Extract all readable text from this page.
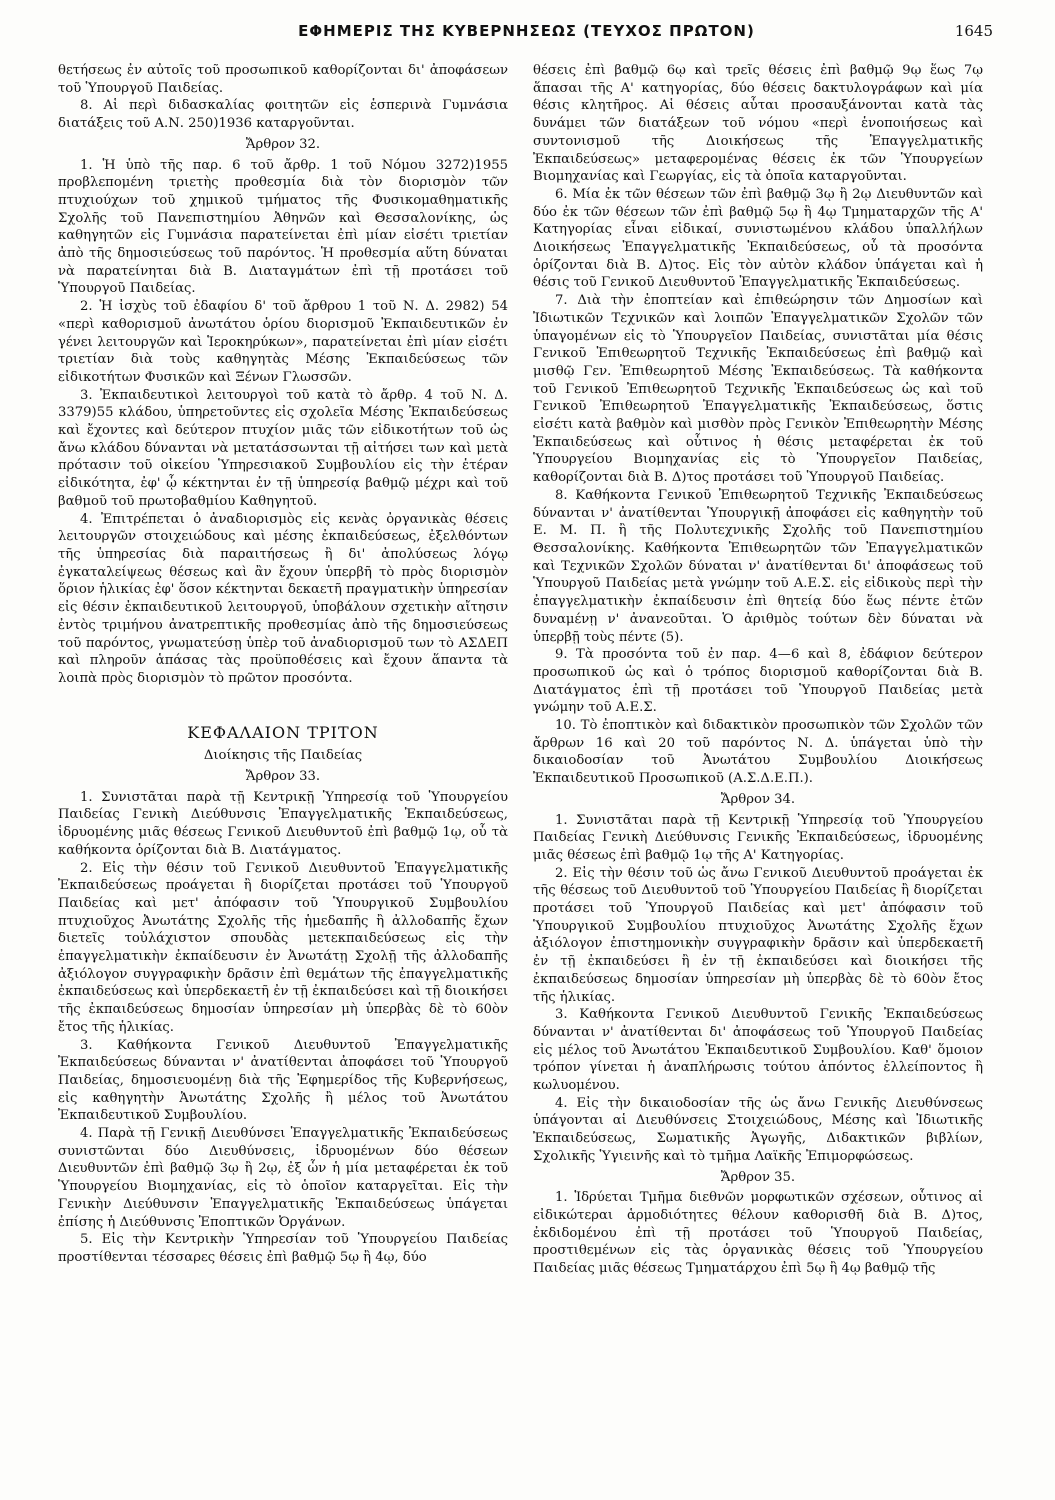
ΕΦΗΜΕΡΙΣ ΤΗΣ ΚΥΒΕΡΝΗΣΕΩΣ (ΤΕΥΧΟΣ ΠΡΩΤΟΝ)	1645

θετήσεως ἐν αὐτοῖς τοῦ προσωπικοῦ καθορίζονται δι' ἀποφάσεων τοῦ Ὑπουργοῦ Παιδείας.

8. Αἱ περὶ διδασκαλίας φοιτητῶν εἰς ἑσπερινὰ Γυμνάσια διατάξεις τοῦ Α.Ν. 250)1936 καταργοῦνται.

Ἄρθρον 32.

1. Ἡ ὑπὸ τῆς παρ. 6 τοῦ ἄρθρ. 1 τοῦ Νόμου 3272)1955 προβλεπομένη τριετὴς προθεσμία διὰ τὸν διορισμὸν τῶν πτυχιούχων τοῦ χημικοῦ τμήματος τῆς Φυσικομαθηματικῆς Σχολῆς τοῦ Πανεπιστημίου Ἀθηνῶν καὶ Θεσσαλονίκης, ὡς καθηγητῶν εἰς Γυμνάσια παρατείνεται ἐπὶ μίαν εἰσέτι τριετίαν ἀπὸ τῆς δημοσιεύσεως τοῦ παρόντος. Ἡ προθεσμία αὕτη δύναται νὰ παρατείνηται διὰ Β. Διαταγμάτων ἐπὶ τῇ προτάσει τοῦ Ὑπουργοῦ Παιδείας.

2. Ἡ ἰσχὺς τοῦ ἐδαφίου δ' τοῦ ἄρθρου 1 τοῦ Ν. Δ. 2982) 54 «περὶ καθορισμοῦ ἀνωτάτου ὁρίου διορισμοῦ Ἐκπαιδευτικῶν ἐν γένει λειτουργῶν καὶ Ἱεροκηρύκων», παρατείνεται ἐπὶ μίαν εἰσέτι τριετίαν διὰ τοὺς καθηγητὰς Μέσης Ἐκπαιδεύσεως τῶν εἰδικοτήτων Φυσικῶν καὶ Ξένων Γλωσσῶν.

3. Ἐκπαιδευτικοὶ λειτουργοὶ τοῦ κατὰ τὸ ἄρθρ. 4 τοῦ Ν. Δ. 3379)55 κλάδου, ὑπηρετοῦντες εἰς σχολεῖα Μέσης Ἐκπαιδεύσεως καὶ ἔχοντες καὶ δεύτερον πτυχίον μιᾶς τῶν εἰδικοτήτων τοῦ ὡς ἄνω κλάδου δύνανται νὰ μετατάσσωνται τῇ αἰτήσει των καὶ μετὰ πρότασιν τοῦ οἰκείου Ὑπηρεσιακοῦ Συμβουλίου εἰς τὴν ἑτέραν εἰδικότητα, ἐφ' ᾧ κέκτηνται ἐν τῇ ὑπηρεσίᾳ βαθμῷ μέχρι καὶ τοῦ βαθμοῦ τοῦ πρωτοβαθμίου Καθηγητοῦ.

4. Ἐπιτρέπεται ὁ ἀναδιορισμὸς εἰς κενὰς ὀργανικὰς θέσεις λειτουργῶν στοιχειώδους καὶ μέσης ἐκπαιδεύσεως, ἐξελθόντων τῆς ὑπηρεσίας διὰ παραιτήσεως ἢ δι' ἀπολύσεως λόγῳ ἐγκαταλείψεως θέσεως καὶ ἂν ἔχουν ὑπερβῆ τὸ πρὸς διορισμὸν ὅριον ἡλικίας ἐφ' ὅσον κέκτηνται δεκαετῆ πραγματικὴν ὑπηρεσίαν εἰς θέσιν ἐκπαιδευτικοῦ λειτουργοῦ, ὑποβάλουν σχετικὴν αἴτησιν ἐντὸς τριμήνου ἀνατρεπτικῆς προθεσμίας ἀπὸ τῆς δημοσιεύσεως τοῦ παρόντος, γνωματεύσῃ ὑπὲρ τοῦ ἀναδιορισμοῦ των τὸ ΑΣΔΕΠ καὶ πληροῦν ἁπάσας τὰς προϋποθέσεις καὶ ἔχουν ἅπαντα τὰ λοιπὰ πρὸς διορισμὸν τὸ πρῶτον προσόντα.

ΚΕΦΑΛΑΙΟΝ ΤΡΙΤΟΝ

Διοίκησις τῆς Παιδείας

Ἄρθρον 33.

1. Συνιστᾶται παρὰ τῇ Κεντρικῇ Ὑπηρεσίᾳ τοῦ Ὑπουργείου Παιδείας Γενικὴ Διεύθυνσις Ἐπαγγελματικῆς Ἐκπαιδεύσεως, ἱδρυομένης μιᾶς θέσεως Γενικοῦ Διευθυντοῦ ἐπὶ βαθμῷ 1ῳ, οὗ τὰ καθήκοντα ὁρίζονται διὰ Β. Διατάγματος.

2. Εἰς τὴν θέσιν τοῦ Γενικοῦ Διευθυντοῦ Ἐπαγγελματικῆς Ἐκπαιδεύσεως προάγεται ἢ διορίζεται προτάσει τοῦ Ὑπουργοῦ Παιδείας καὶ μετ' ἀπόφασιν τοῦ Ὑπουργικοῦ Συμβουλίου πτυχιοῦχος Ἀνωτάτης Σχολῆς τῆς ἡμεδαπῆς ἢ ἀλλοδαπῆς ἔχων διετεῖς τοὐλάχιστον σπουδὰς μετεκπαιδεύσεως εἰς τὴν ἐπαγγελματικὴν ἐκπαίδευσιν ἐν Ἀνωτάτῃ Σχολῇ τῆς ἀλλοδαπῆς ἀξιόλογον συγγραφικὴν δρᾶσιν ἐπὶ θεμάτων τῆς ἐπαγγελματικῆς ἐκπαιδεύσεως καὶ ὑπερδεκαετῆ ἐν τῇ ἐκπαιδεύσει καὶ τῇ διοικήσει τῆς ἐκπαιδεύσεως δημοσίαν ὑπηρεσίαν μὴ ὑπερβὰς δὲ τὸ 60ὸν ἔτος τῆς ἡλικίας.

3. Καθήκοντα Γενικοῦ Διευθυντοῦ Ἐπαγγελματικῆς Ἐκπαιδεύσεως δύνανται ν' ἀνατίθενται ἀποφάσει τοῦ Ὑπουργοῦ Παιδείας, δημοσιευομένῃ διὰ τῆς Ἐφημερίδος τῆς Κυβερνήσεως, εἰς καθηγητὴν Ἀνωτάτης Σχολῆς ἢ μέλος τοῦ Ἀνωτάτου Ἐκπαιδευτικοῦ Συμβουλίου.

4. Παρὰ τῇ Γενικῇ Διευθύνσει Ἐπαγγελματικῆς Ἐκπαιδεύσεως συνιστῶνται δύο Διευθύνσεις, ἱδρυομένων δύο θέσεων Διευθυντῶν ἐπὶ βαθμῷ 3ῳ ἢ 2ῳ, ἐξ ὧν ἡ μία μεταφέρεται ἐκ τοῦ Ὑπουργείου Βιομηχανίας, εἰς τὸ ὁποῖον καταργεῖται. Εἰς τὴν Γενικὴν Διεύθυνσιν Ἐπαγγελματικῆς Ἐκπαιδεύσεως ὑπάγεται ἐπίσης ἡ Διεύθυνσις Ἐποπτικῶν Ὀργάνων.

5. Εἰς τὴν Κεντρικὴν Ὑπηρεσίαν τοῦ Ὑπουργείου Παιδείας προστίθενται τέσσαρες θέσεις ἐπὶ βαθμῷ 5ῳ ἢ 4ῳ, δύο

θέσεις ἐπὶ βαθμῷ 6ῳ καὶ τρεῖς θέσεις ἐπὶ βαθμῷ 9ῳ ἕως 7ῳ ἅπασαι τῆς Α' κατηγορίας, δύο θέσεις δακτυλογράφων καὶ μία θέσις κλητῆρος. Αἱ θέσεις αὗται προσαυξάνονται κατὰ τὰς δυνάμει τῶν διατάξεων τοῦ νόμου «περὶ ἑνοποιήσεως καὶ συντονισμοῦ τῆς Διοικήσεως τῆς Ἐπαγγελματικῆς Ἐκπαιδεύσεως» μεταφερομένας θέσεις ἐκ τῶν Ὑπουργείων Βιομηχανίας καὶ Γεωργίας, εἰς τὰ ὁποῖα καταργοῦνται.

6. Μία ἐκ τῶν θέσεων τῶν ἐπὶ βαθμῷ 3ῳ ἢ 2ῳ Διευθυντῶν καὶ δύο ἐκ τῶν θέσεων τῶν ἐπὶ βαθμῷ 5ῳ ἢ 4ῳ Τμηματαρχῶν τῆς Α' Κατηγορίας εἶναι εἰδικαί, συνιστωμένου κλάδου ὑπαλλήλων Διοικήσεως Ἐπαγγελματικῆς Ἐκπαιδεύσεως, οὗ τὰ προσόντα ὁρίζονται διὰ Β. Δ)τος. Εἰς τὸν αὐτὸν κλάδον ὑπάγεται καὶ ἡ θέσις τοῦ Γενικοῦ Διευθυντοῦ Ἐπαγγελματικῆς Ἐκπαιδεύσεως.

7. Διὰ τὴν ἐποπτείαν καὶ ἐπιθεώρησιν τῶν Δημοσίων καὶ Ἰδιωτικῶν Τεχνικῶν καὶ λοιπῶν Ἐπαγγελματικῶν Σχολῶν τῶν ὑπαγομένων εἰς τὸ Ὑπουργεῖον Παιδείας, συνιστᾶται μία θέσις Γενικοῦ Ἐπιθεωρητοῦ Τεχνικῆς Ἐκπαιδεύσεως ἐπὶ βαθμῷ καὶ μισθῷ Γεν. Ἐπιθεωρητοῦ Μέσης Ἐκπαιδεύσεως. Τὰ καθήκοντα τοῦ Γενικοῦ Ἐπιθεωρητοῦ Τεχνικῆς Ἐκπαιδεύσεως ὡς καὶ τοῦ Γενικοῦ Ἐπιθεωρητοῦ Ἐπαγγελματικῆς Ἐκπαιδεύσεως, ὅστις εἰσέτι κατὰ βαθμὸν καὶ μισθὸν πρὸς Γενικὸν Ἐπιθεωρητὴν Μέσης Ἐκπαιδεύσεως καὶ οὗτινος ἡ θέσις μεταφέρεται ἐκ τοῦ Ὑπουργείου Βιομηχανίας εἰς τὸ Ὑπουργεῖον Παιδείας, καθορίζονται διὰ Β. Δ)τος προτάσει τοῦ Ὑπουργοῦ Παιδείας.

8. Καθήκοντα Γενικοῦ Ἐπιθεωρητοῦ Τεχνικῆς Ἐκπαιδεύσεως δύνανται ν' ἀνατίθενται Ὑπουργικῇ ἀποφάσει εἰς καθηγητὴν τοῦ Ε. Μ. Π. ἢ τῆς Πολυτεχνικῆς Σχολῆς τοῦ Πανεπιστημίου Θεσσαλονίκης. Καθήκοντα Ἐπιθεωρητῶν τῶν Ἐπαγγελματικῶν καὶ Τεχνικῶν Σχολῶν δύναται ν' ἀνατίθενται δι' ἀποφάσεως τοῦ Ὑπουργοῦ Παιδείας μετὰ γνώμην τοῦ Α.Ε.Σ. εἰς εἰδικοὺς περὶ τὴν ἐπαγγελματικὴν ἐκπαίδευσιν ἐπὶ θητείᾳ δύο ἕως πέντε ἐτῶν δυναμένῃ ν' ἀνανεοῦται. Ὁ ἀριθμὸς τούτων δὲν δύναται νὰ ὑπερβῇ τοὺς πέντε (5).

9. Τὰ προσόντα τοῦ ἐν παρ. 4—6 καὶ 8, ἐδάφιον δεύτερον προσωπικοῦ ὡς καὶ ὁ τρόπος διορισμοῦ καθορίζονται διὰ Β. Διατάγματος ἐπὶ τῇ προτάσει τοῦ Ὑπουργοῦ Παιδείας μετὰ γνώμην τοῦ Α.Ε.Σ.

10. Τὸ ἐποπτικὸν καὶ διδακτικὸν προσωπικὸν τῶν Σχολῶν τῶν ἄρθρων 16 καὶ 20 τοῦ παρόντος Ν. Δ. ὑπάγεται ὑπὸ τὴν δικαιοδοσίαν τοῦ Ἀνωτάτου Συμβουλίου Διοικήσεως Ἐκπαιδευτικοῦ Προσωπικοῦ (Α.Σ.Δ.Ε.Π.).

Ἄρθρον 34.

1. Συνιστᾶται παρὰ τῇ Κεντρικῇ Ὑπηρεσίᾳ τοῦ Ὑπουργείου Παιδείας Γενικὴ Διεύθυνσις Γενικῆς Ἐκπαιδεύσεως, ἱδρυομένης μιᾶς θέσεως ἐπὶ βαθμῷ 1ῳ τῆς Α' Κατηγορίας.

2. Εἰς τὴν θέσιν τοῦ ὡς ἄνω Γενικοῦ Διευθυντοῦ προάγεται ἐκ τῆς θέσεως τοῦ Διευθυντοῦ τοῦ Ὑπουργείου Παιδείας ἢ διορίζεται προτάσει τοῦ Ὑπουργοῦ Παιδείας καὶ μετ' ἀπόφασιν τοῦ Ὑπουργικοῦ Συμβουλίου πτυχιοῦχος Ἀνωτάτης Σχολῆς ἔχων ἀξιόλογον ἐπιστημονικὴν συγγραφικὴν δρᾶσιν καὶ ὑπερδεκαετῆ ἐν τῇ ἐκπαιδεύσει ἢ ἐν τῇ ἐκπαιδεύσει καὶ διοικήσει τῆς ἐκπαιδεύσεως δημοσίαν ὑπηρεσίαν μὴ ὑπερβὰς δὲ τὸ 60ὸν ἔτος τῆς ἡλικίας.

3. Καθήκοντα Γενικοῦ Διευθυντοῦ Γενικῆς Ἐκπαιδεύσεως δύνανται ν' ἀνατίθενται δι' ἀποφάσεως τοῦ Ὑπουργοῦ Παιδείας εἰς μέλος τοῦ Ἀνωτάτου Ἐκπαιδευτικοῦ Συμβουλίου. Καθ' ὅμοιον τρόπον γίνεται ἡ ἀναπλήρωσις τούτου ἀπόντος ἐλλείποντος ἢ κωλυομένου.

4. Εἰς τὴν δικαιοδοσίαν τῆς ὡς ἄνω Γενικῆς Διευθύνσεως ὑπάγονται αἱ Διευθύνσεις Στοιχειώδους, Μέσης καὶ Ἰδιωτικῆς Ἐκπαιδεύσεως, Σωματικῆς Ἀγωγῆς, Διδακτικῶν βιβλίων, Σχολικῆς Ὑγιεινῆς καὶ τὸ τμῆμα Λαϊκῆς Ἐπιμορφώσεως.

Ἄρθρον 35.

1. Ἱδρύεται Τμῆμα διεθνῶν μορφωτικῶν σχέσεων, οὗτινος αἱ εἰδικώτεραι ἁρμοδιότητες θέλουν καθορισθῆ διὰ Β. Δ)τος, ἐκδιδομένου ἐπὶ τῇ προτάσει τοῦ Ὑπουργοῦ Παιδείας, προστιθεμένων εἰς τὰς ὀργανικὰς θέσεις τοῦ Ὑπουργείου Παιδείας μιᾶς θέσεως Τμηματάρχου ἐπὶ 5ῳ ἢ 4ῳ βαθμῷ τῆς
